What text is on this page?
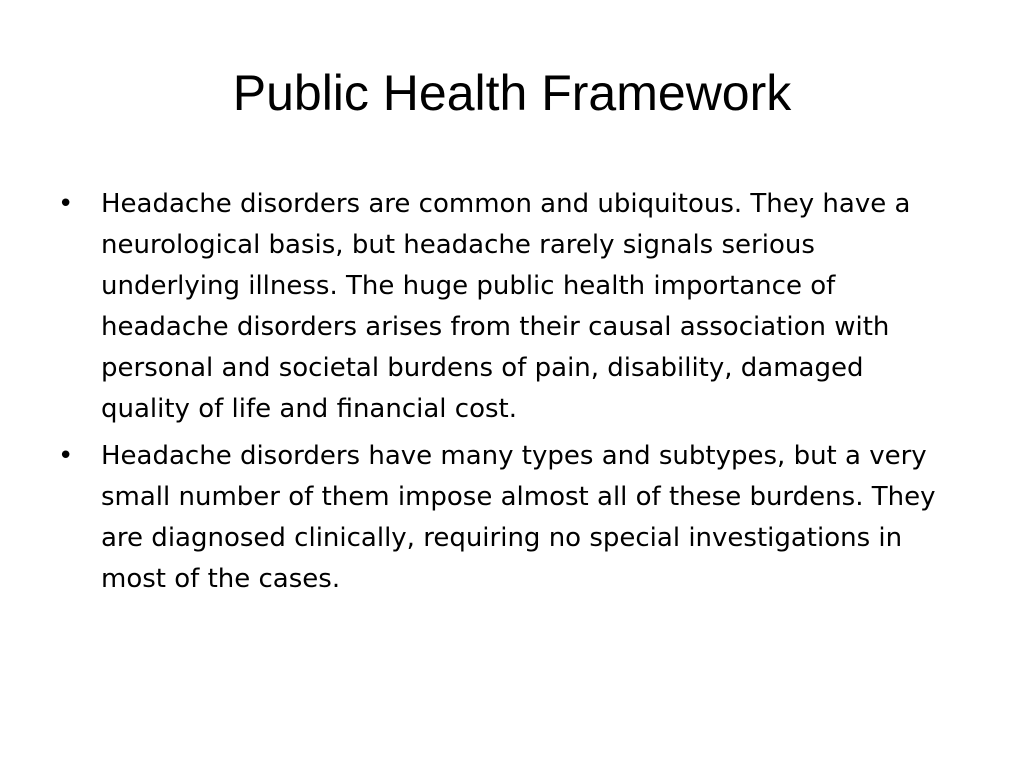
Public Health Framework
•	Headache disorders are common and ubiquitous. They have a neurological basis, but headache rarely signals serious underlying illness. The huge public health importance of headache disorders arises from their causal association with personal and societal burdens of pain, disability, damaged quality of life and financial cost.
•	Headache disorders have many types and subtypes, but a very small number of them impose almost all of these burdens. They are diagnosed clinically, requiring no special investigations in most of the cases.
